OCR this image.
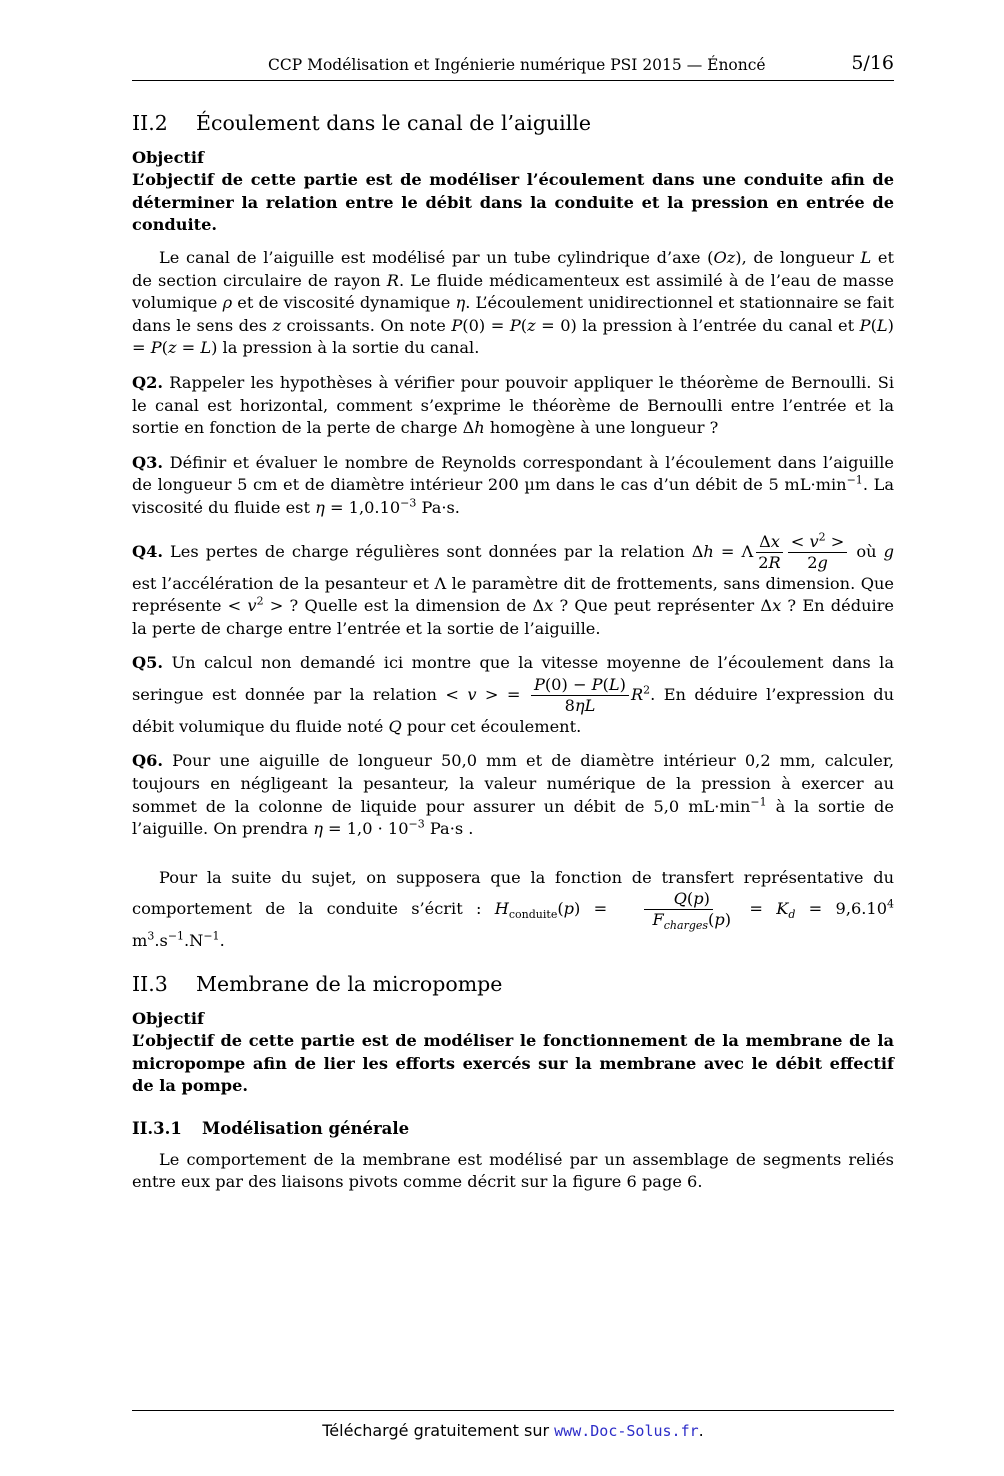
CCP Modélisation et Ingénierie numérique PSI 2015 — Énoncé	5/16
II.2 Écoulement dans le canal de l’aiguille
Objectif
L’objectif de cette partie est de modéliser l’écoulement dans une conduite afin de déterminer la relation entre le débit dans la conduite et la pression en entrée de conduite.

Le canal de l’aiguille est modélisé par un tube cylindrique d’axe (Oz), de longueur L et de section circulaire de rayon R. Le fluide médicamenteux est assimilé à de l’eau de masse volumique ρ et de viscosité dynamique η. L’écoulement unidirectionnel et stationnaire se fait dans le sens des z croissants. On note P(0) = P(z = 0) la pression à l’entrée du canal et P(L) = P(z = L) la pression à la sortie du canal.

Q2. Rappeler les hypothèses à vérifier pour pouvoir appliquer le théorème de Bernoulli. Si le canal est horizontal, comment s’exprime le théorème de Bernoulli entre l’entrée et la sortie en fonction de la perte de charge Δh homogène à une longueur ?

Q3. Définir et évaluer le nombre de Reynolds correspondant à l’écoulement dans l’aiguille de longueur 5 cm et de diamètre intérieur 200 µm dans le cas d’un débit de 5 $mL\cdot\min^{-1}$. La viscosité du fluide est $\eta = 1,0.10^{-3}$ Pa·s.

Q4. Les pertes de charge régulières sont données par la relation Δh = Λ $\frac{\Delta x}{2R} \frac{< v^2 >}{2g}$ où g est l’accélération de la pesanteur et Λ le paramètre dit de frottements, sans dimension. Que représente < $v^2$ > ? Quelle est la dimension de Δx ? Que peut représenter Δx ? En déduire la perte de charge entre l’entrée et la sortie de l’aiguille.

Q5. Un calcul non demandé ici montre que la vitesse moyenne de l’écoulement dans la seringue est donnée par la relation < v > = $\frac{P(0) - P(L)}{8\eta L} R^2$. En déduire l’expression du débit volumique du fluide noté Q pour cet écoulement.

Q6. Pour une aiguille de longueur 50,0 mm et de diamètre intérieur 0,2 mm, calculer, toujours en négligeant la pesanteur, la valeur numérique de la pression à exercer au sommet de la colonne de liquide pour assurer un débit de 5,0 $mL\cdot\min^{-1}$ à la sortie de l’aiguille. On prendra $\eta = 1,0 \cdot 10^{-3}$ Pa·s .

Pour la suite du sujet, on supposera que la fonction de transfert représentative du comportement de la conduite s’écrit : $H_{conduite}(p) = \frac{Q(p)}{F_{charges}(p)} = K_d = 9,6.10^4$ $m^3.s^{-1}.N^{-1}$.

II.3 Membrane de la micropompe
Objectif
L’objectif de cette partie est de modéliser le fonctionnement de la membrane de la micropompe afin de lier les efforts exercés sur la membrane avec le débit effectif de la pompe.
II.3.1 Modélisation générale

Le comportement de la membrane est modélisé par un assemblage de segments reliés entre eux par des liaisons pivots comme décrit sur la figure 6 page 6.

Téléchargé gratuitement sur www.Doc-Solus.fr.
